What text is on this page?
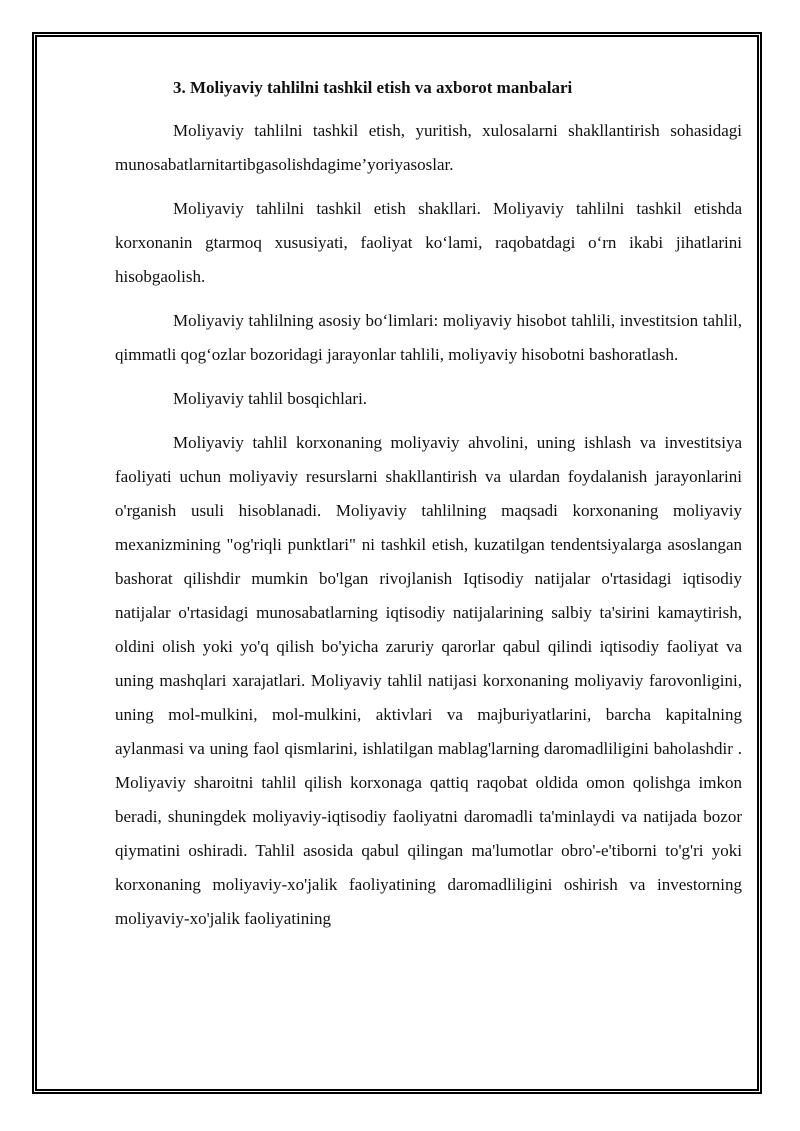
3. Moliyaviy tahlilni tashkil etish va axborot manbalari

Moliyaviy tahlilni tashkil etish, yuritish, xulosalarni shakllantirish sohasidagi munosabatlarnitartibgasolishdagime’yoriyasoslar.

Moliyaviy tahlilni tashkil etish shakllari. Moliyaviy tahlilni tashkil etishda korxonanin gtarmoq xususiyati, faoliyat ko‘lami, raqobatdagi o‘rn ikabi jihatlarini hisobgaolish.

Moliyaviy tahlilning asosiy bo‘limlari: moliyaviy hisobot tahlili, investitsion tahlil, qimmatli qog‘ozlar bozoridagi jarayonlar tahlili, moliyaviy hisobotni bashoratlash.

Moliyaviy tahlil bosqichlari.

Moliyaviy tahlil korxonaning moliyaviy ahvolini, uning ishlash va investitsiya faoliyati uchun moliyaviy resurslarni shakllantirish va ulardan foydalanish jarayonlarini o'rganish usuli hisoblanadi. Moliyaviy tahlilning maqsadi korxonaning moliyaviy mexanizmining "og'riqli punktlari" ni tashkil etish, kuzatilgan tendentsiyalarga asoslangan bashorat qilishdir mumkin bo'lgan rivojlanish Iqtisodiy natijalar o'rtasidagi iqtisodiy natijalar o'rtasidagi munosabatlarning iqtisodiy natijalarining salbiy ta'sirini kamaytirish, oldini olish yoki yo'q qilish bo'yicha zaruriy qarorlar qabul qilindi iqtisodiy faoliyat va uning mashqlari xarajatlari. Moliyaviy tahlil natijasi korxonaning moliyaviy farovonligini, uning mol-mulkini, mol-mulkini, aktivlari va majburiyatlarini, barcha kapitalning aylanmasi va uning faol qismlarini, ishlatilgan mablag'larning daromadliligini baholashdir . Moliyaviy sharoitni tahlil qilish korxonaga qattiq raqobat oldida omon qolishga imkon beradi, shuningdek moliyaviy-iqtisodiy faoliyatni daromadli ta'minlaydi va natijada bozor qiymatini oshiradi. Tahlil asosida qabul qilingan ma'lumotlar obro'-e'tiborni to'g'ri yoki korxonaning moliyaviy-xo'jalik faoliyatining daromadliligini oshirish va investorning moliyaviy-xo'jalik faoliyatining
